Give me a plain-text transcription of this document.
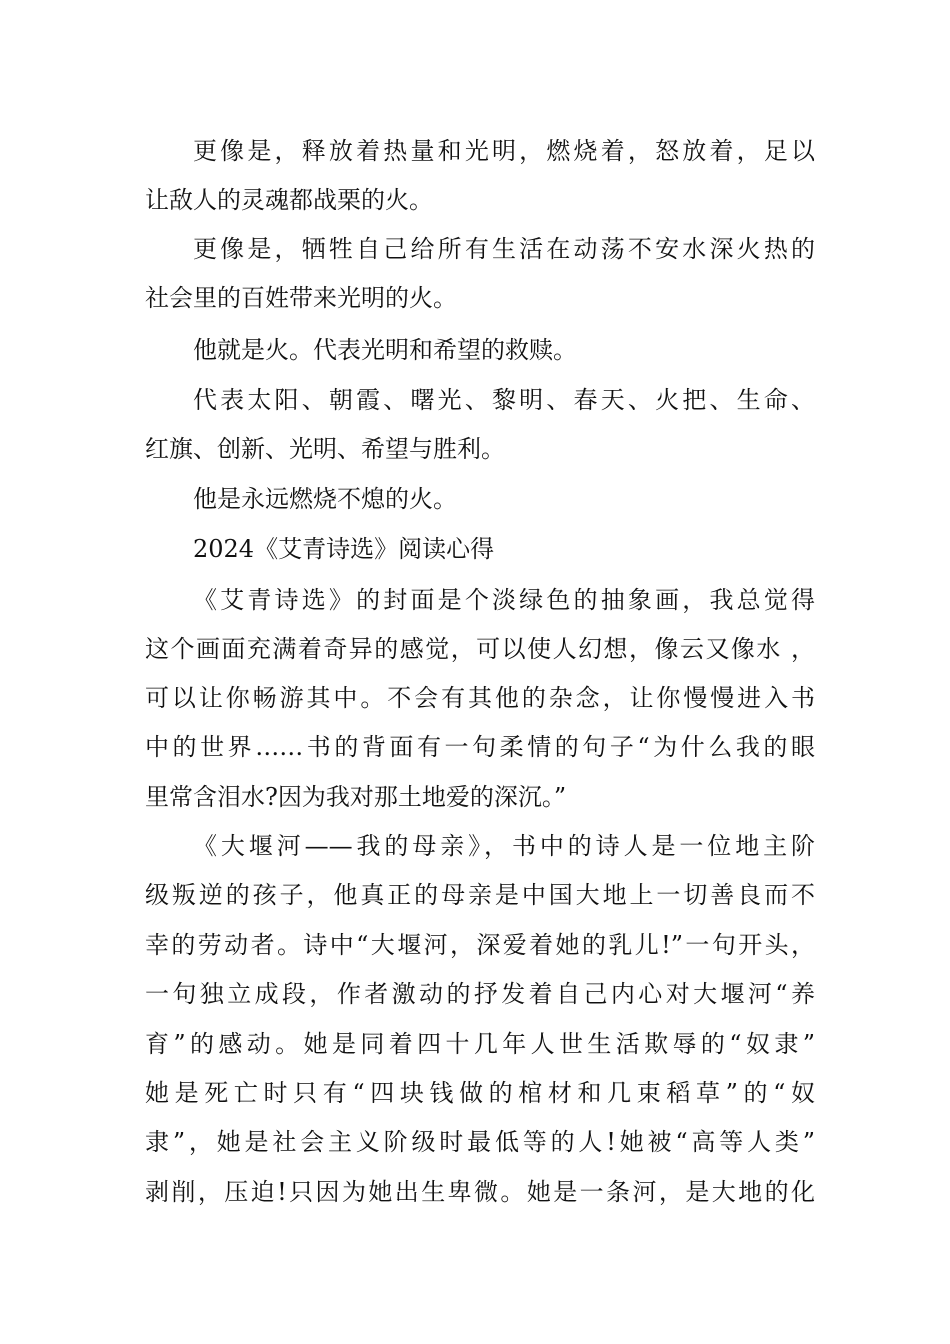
更像是，释放着热量和光明，燃烧着，怒放着，足以

让敌人的灵魂都战栗的火。

更像是，牺牲自己给所有生活在动荡不安水深火热的

社会里的百姓带来光明的火。

他就是火。代表光明和希望的救赎。

代表太阳、朝霞、曙光、黎明、春天、火把、生命、

红旗、创新、光明、希望与胜利。

他是永远燃烧不熄的火。

2024《艾青诗选》阅读心得

《艾青诗选》的封面是个淡绿色的抽象画，我总觉得

这个画面充满着奇异的感觉，可以使人幻想，像云又像水 ，

可以让你畅游其中。不会有其他的杂念，让你慢慢进入书

中的世界……书的背面有一句柔情的句子“为什么我的眼

里常含泪水?因为我对那土地爱的深沉。”

《大堰河——我的母亲》，书中的诗人是一位地主阶

级叛逆的孩子，他真正的母亲是中国大地上一切善良而不

幸的劳动者。诗中“大堰河，深爱着她的乳儿!”一句开头，

一句独立成段，作者激动的抒发着自己内心对大堰河“养

育”的感动。她是同着四十几年人世生活欺辱的“奴隶”

她是死亡时只有“四块钱做的棺材和几束稻草”的“奴

隶”，她是社会主义阶级时最低等的人!她被“高等人类”

剥削，压迫!只因为她出生卑微。她是一条河，是大地的化
